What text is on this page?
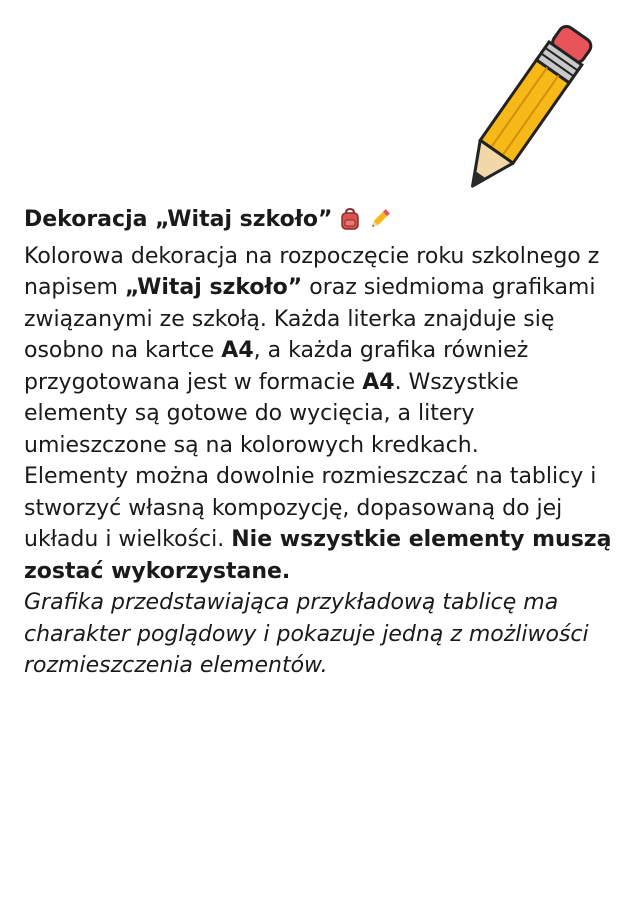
Dekoracja „Witaj szkoło”

Kolorowa dekoracja na rozpoczęcie roku szkolnego z napisem „Witaj szkoło” oraz siedmioma grafikami związanymi ze szkołą. Każda literka znajduje się osobno na kartce A4, a każda grafika również przygotowana jest w formacie A4. Wszystkie elementy są gotowe do wycięcia, a litery umieszczone są na kolorowych kredkach.

Elementy można dowolnie rozmieszczać na tablicy i stworzyć własną kompozycję, dopasowaną do jej układu i wielkości. Nie wszystkie elementy muszą zostać wykorzystane.

Grafika przedstawiająca przykładową tablicę ma charakter poglądowy i pokazuje jedną z możliwości rozmieszczenia elementów.
